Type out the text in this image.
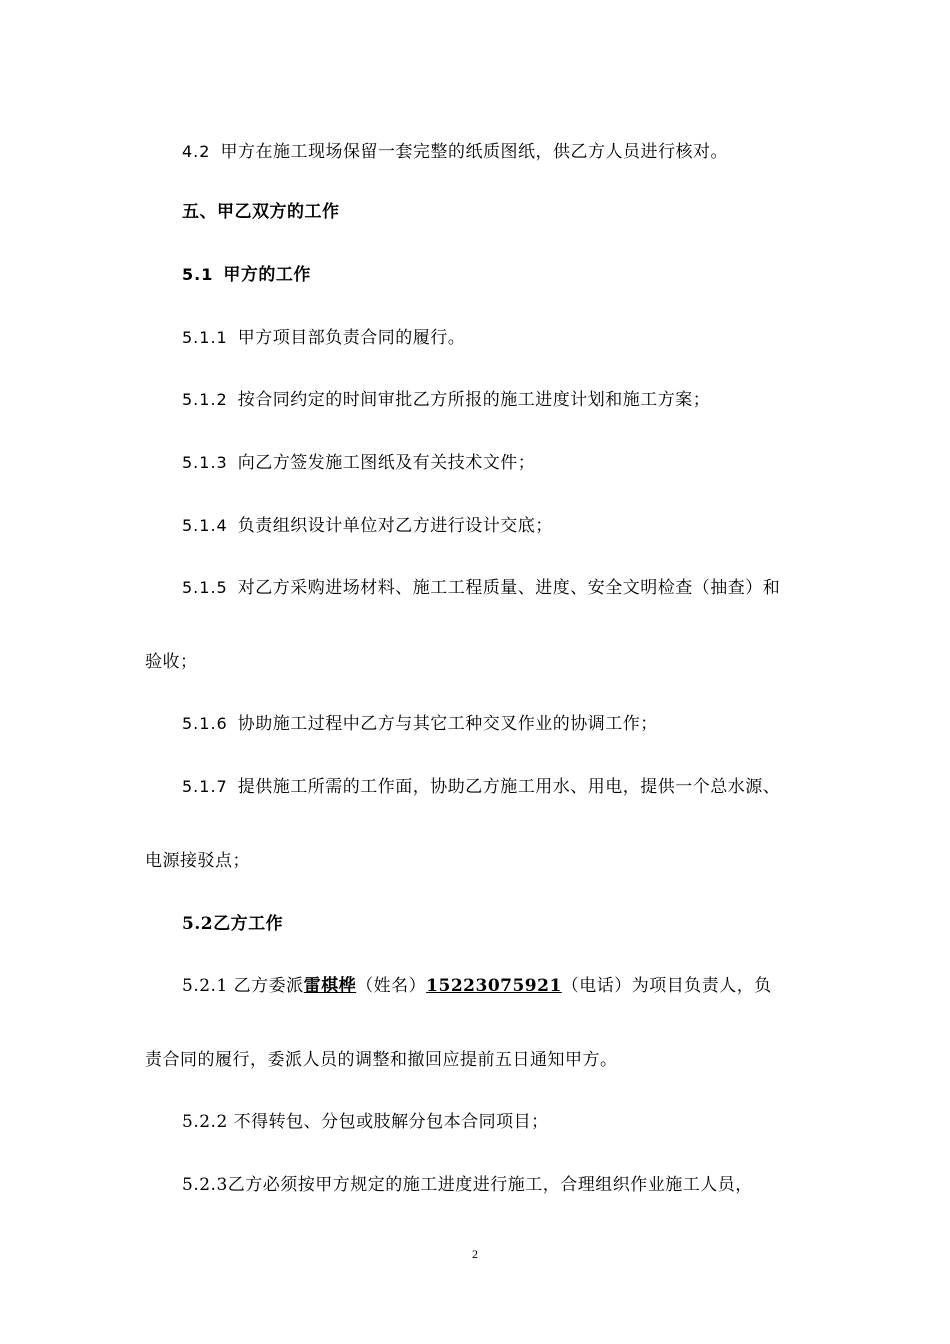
4.2 甲方在施工现场保留一套完整的纸质图纸，供乙方人员进行核对。
五、甲乙双方的工作
5.1 甲方的工作
5.1.1 甲方项目部负责合同的履行。
5.1.2 按合同约定的时间审批乙方所报的施工进度计划和施工方案；
5.1.3 向乙方签发施工图纸及有关技术文件；
5.1.4 负责组织设计单位对乙方进行设计交底；
5.1.5 对乙方采购进场材料、施工工程质量、进度、安全文明检查（抽查）和
验收；
5.1.6 协助施工过程中乙方与其它工种交叉作业的协调工作；
5.1.7 提供施工所需的工作面，协助乙方施工用水、用电，提供一个总水源、
电源接驳点；
5.2乙方工作
5.2.1 乙方委派雷棋桦（姓名）15223075921（电话）为项目负责人，负
责合同的履行，委派人员的调整和撤回应提前五日通知甲方。
5.2.2 不得转包、分包或肢解分包本合同项目；
5.2.3乙方必须按甲方规定的施工进度进行施工，合理组织作业施工人员，
2
